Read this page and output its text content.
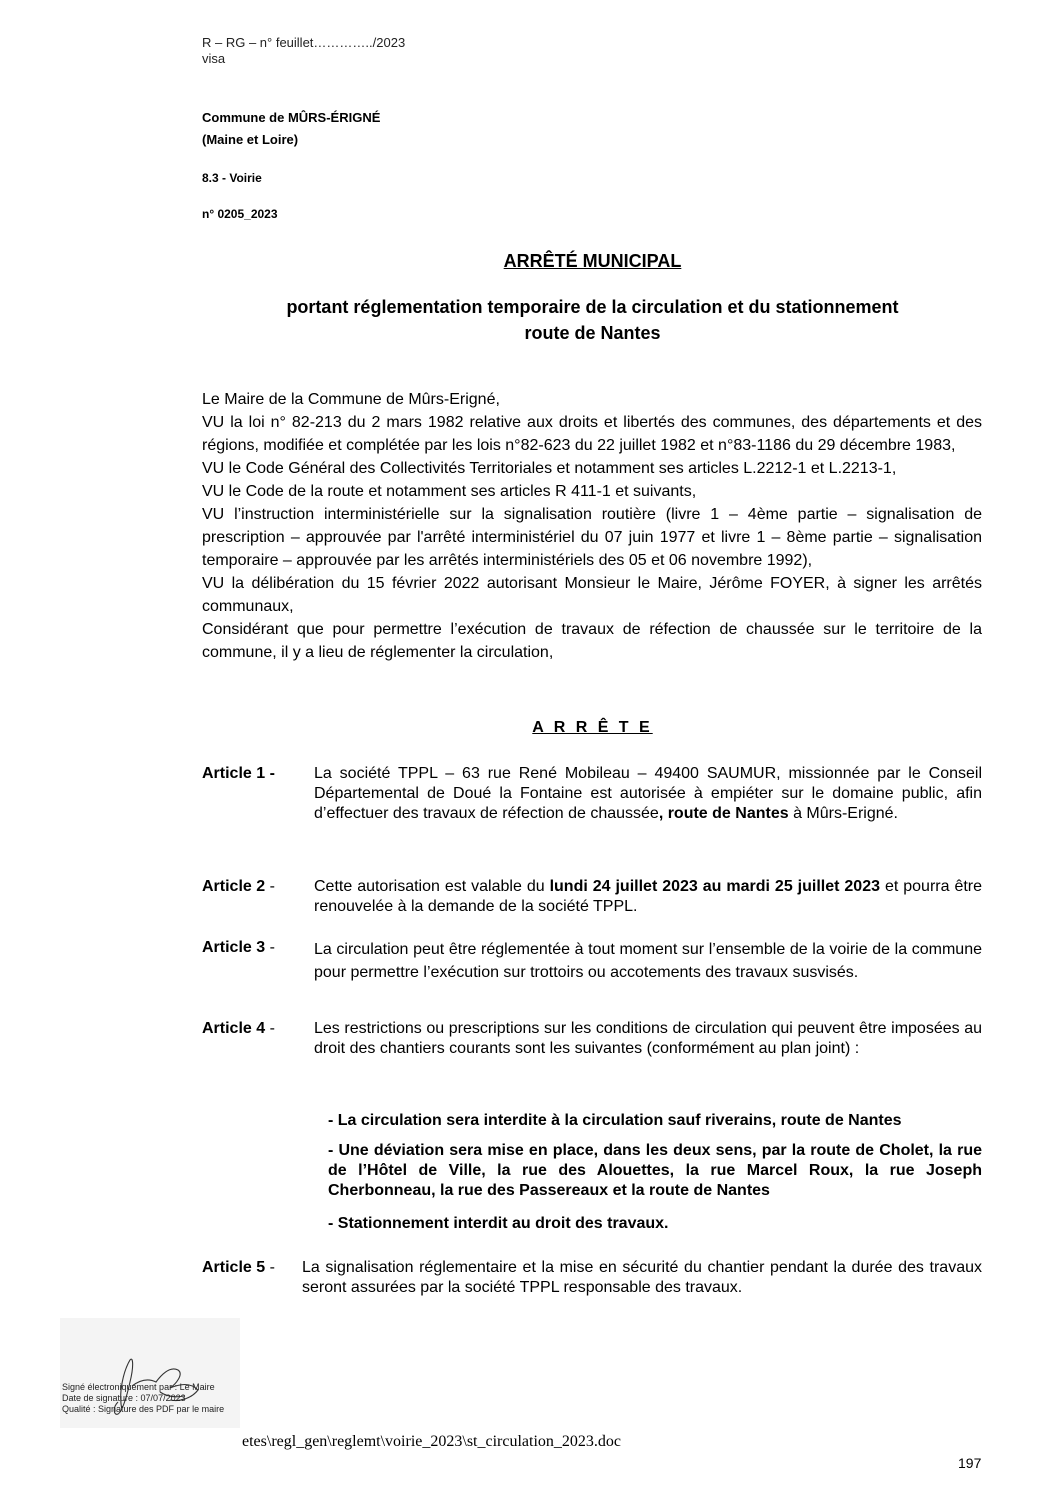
R – RG – n° feuillet…………../2023
visa
Commune de MÛRS-ÉRIGNÉ
(Maine et Loire)
8.3 - Voirie
n° 0205_2023
ARRÊTÉ MUNICIPAL
portant réglementation temporaire de la circulation et du stationnement
route de Nantes

Le Maire de la Commune de Mûrs-Erigné,

VU la loi n° 82-213 du 2 mars 1982 relative aux droits et libertés des communes, des départements et des régions, modifiée et complétée par les lois n°82-623 du 22 juillet 1982 et n°83-1186 du 29 décembre 1983,

VU le Code Général des Collectivités Territoriales et notamment ses articles L.2212-1 et L.2213-1,

VU le Code de la route et notamment ses articles R 411-1 et suivants,

VU l’instruction interministérielle sur la signalisation routière (livre 1 – 4ème partie – signalisation de prescription – approuvée par l'arrêté interministériel du 07 juin 1977 et livre 1 – 8ème partie – signalisation temporaire – approuvée par les arrêtés interministériels des 05 et 06 novembre 1992),

VU la délibération du 15 février 2022 autorisant Monsieur le Maire, Jérôme FOYER, à signer les arrêtés communaux,

Considérant que pour permettre l’exécution de travaux de réfection de chaussée sur le territoire de la commune, il y a lieu de réglementer la circulation,

A R R Ê T E
Article 1 - La société TPPL – 63 rue René Mobileau – 49400 SAUMUR, missionnée par le Conseil Départemental de Doué la Fontaine est autorisée à empiéter sur le domaine public, afin d’effectuer des travaux de réfection de chaussée, route de Nantes à Mûrs-Erigné.
Article 2 - Cette autorisation est valable du lundi 24 juillet 2023 au mardi 25 juillet 2023 et pourra être renouvelée à la demande de la société TPPL.
Article 3 - La circulation peut être réglementée à tout moment sur l’ensemble de la voirie de la commune pour permettre l’exécution sur trottoirs ou accotements des travaux susvisés.
Article 4 - Les restrictions ou prescriptions sur les conditions de circulation qui peuvent être imposées au droit des chantiers courants sont les suivantes (conformément au plan joint) :
- La circulation sera interdite à la circulation sauf riverains, route de Nantes
- Une déviation sera mise en place, dans les deux sens, par la route de Cholet, la rue de l’Hôtel de Ville, la rue des Alouettes, la rue Marcel Roux, la rue Joseph Cherbonneau, la rue des Passereaux et la route de Nantes
- Stationnement interdit au droit des travaux.
Article 5 - La signalisation réglementaire et la mise en sécurité du chantier pendant la durée des travaux seront assurées par la société TPPL responsable des travaux.
Signé électroniquement par : Le Maire
Date de signature : 07/07/2023
Qualité : Signature des PDF par le maire
etes\regl_gen\reglemt\voirie_2023\st_circulation_2023.doc
197
